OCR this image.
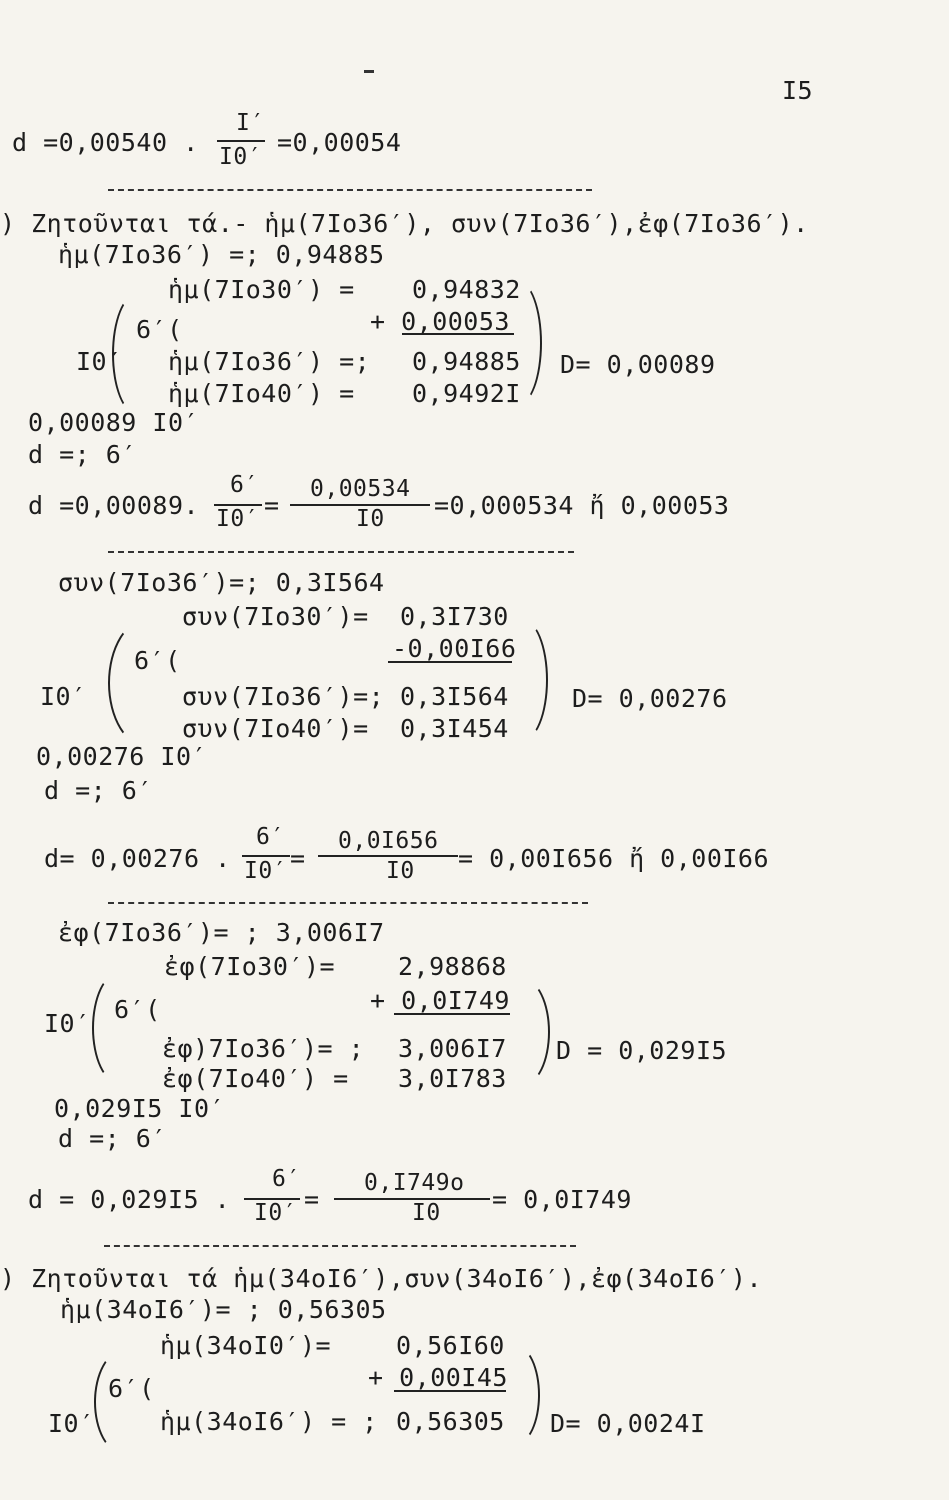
I5
d =0,00540 .
I′
I0′ =0,00054
) Ζητοῦνται τά.- ἡμ(7Ιο36′), συν(7Ιο36′),ἐφ(7Ιο36′).
ἡμ(7Ιο36′) =; 0,94885
ἡμ(7Ιο30′) = 0,94832
+ 0,00053
6′(
I0′ ἡμ(7Ιο36′) =; 0,94885 D= 0,00089
ἡμ(7Ιο40′) = 0,9492Ι
0,00089 I0′
d =; 6′
d =0,00089.
6′
I0′ =
0,00534
I0 =0,000534 ἤ 0,00053
συν(7Ιο36′)=; 0,3Ι564
συν(7Ιο30′)= 0,3Ι730
-0,00Ι66
6′(
I0′	συν(7Ιο36′)=; 0,3Ι564	D= 0,00276
συν(7Ιο40′)= 0,3Ι454
0,00276 I0′
d =; 6′
d= 0,00276 .
6′
I0′ =
0,0Ι656
I0 = 0,00Ι656 ἤ 0,00Ι66
ἐφ(7Ιο36′)= ; 3,006Ι7
ἐφ(7Ιο30′)=	2,98868
+ 0,0Ι749
6′(
I0′
ἐφ)7Ιο36′)= ; 3,006Ι7 D = 0,029Ι5
ἐφ(7Ιο40′) = 3,0Ι783
0,029Ι5 I0′
d =; 6′
d = 0,029Ι5 .
6′
I0′ =
0,Ι749o
I0 = 0,0Ι749
) Ζητοῦνται τά ἡμ(34οΙ6′),συν(34οΙ6′),ἐφ(34οΙ6′).
ἡμ(34οΙ6′)= ; 0,56305
ἡμ(34οΙ0′)=	0,56Ι60
+ 0,00Ι45
6′(
I0′	ἡμ(34οΙ6′) = ; 0,56305 D= 0,0024Ι
